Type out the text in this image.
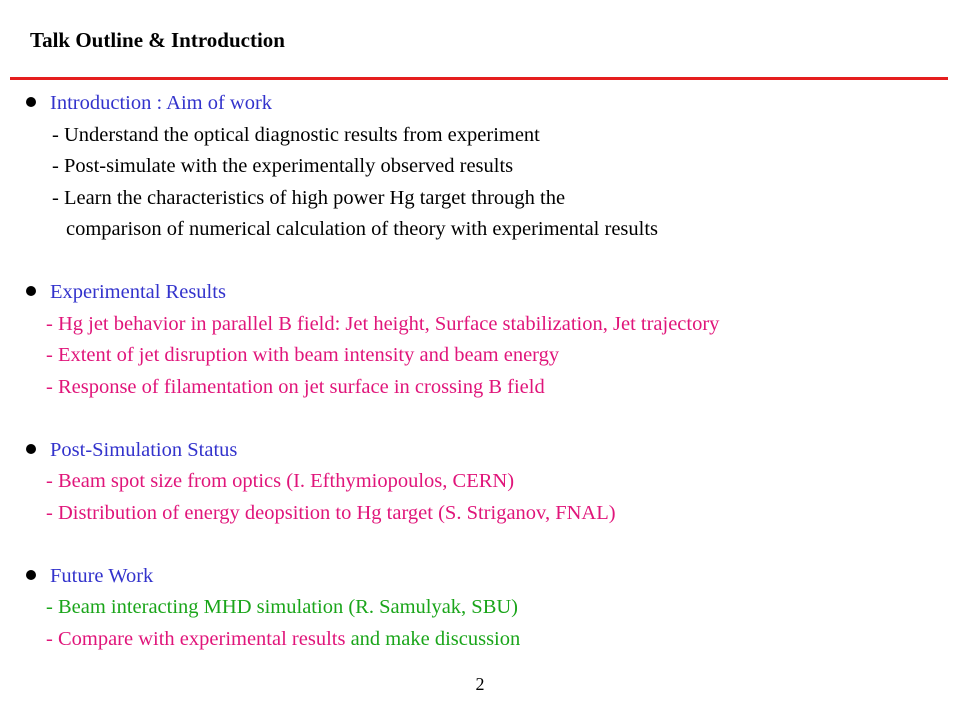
Talk Outline & Introduction
Introduction : Aim of work
- Understand the optical diagnostic results from experiment
- Post-simulate with the experimentally observed results
- Learn the characteristics of high power Hg target through the
comparison of numerical calculation of theory with experimental results
Experimental Results
- Hg jet behavior in parallel B field: Jet height, Surface stabilization, Jet trajectory
- Extent of jet disruption with beam intensity and beam energy
- Response of filamentation on jet surface in crossing B field
Post-Simulation Status
- Beam spot size from optics (I. Efthymiopoulos, CERN)
- Distribution of energy deopsition to Hg target (S. Striganov, FNAL)
Future Work
- Beam interacting MHD simulation (R. Samulyak, SBU)
- Compare with experimental results and make discussion
2
